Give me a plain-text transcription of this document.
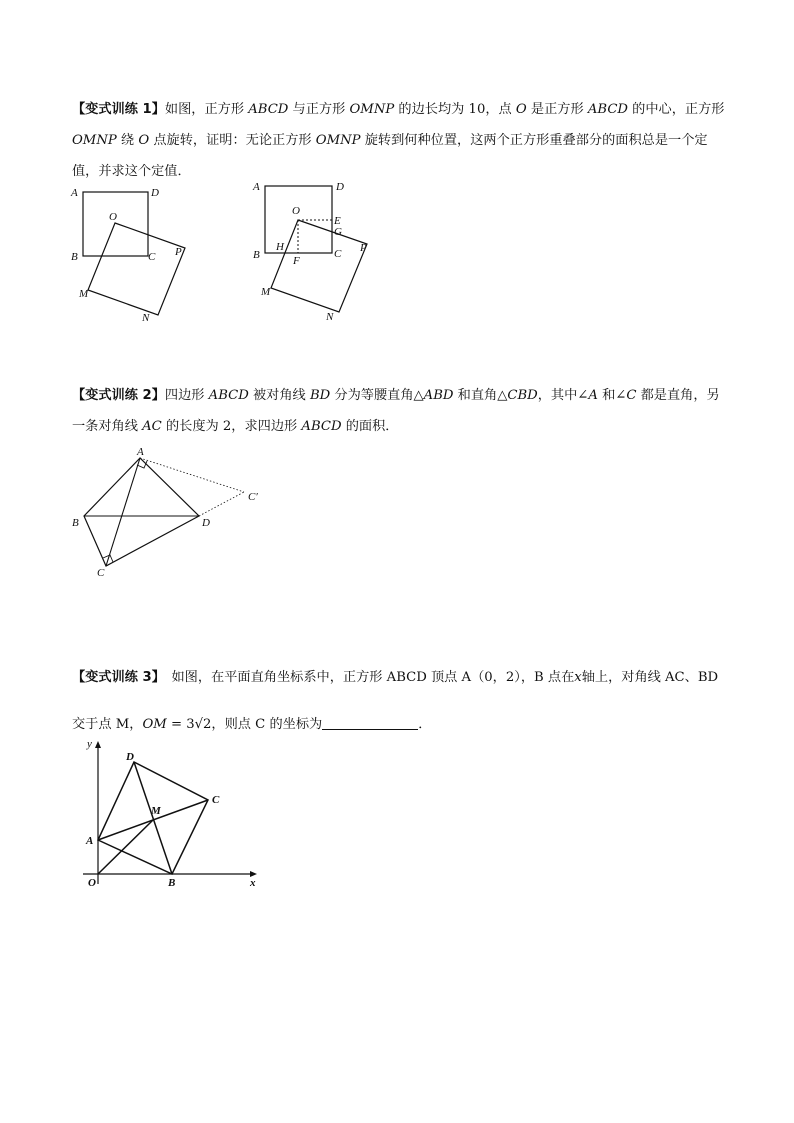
【变式训练 1】如图，正方形 ABCD 与正方形 OMNP 的边长均为 10，点 O 是正方形 ABCD 的中心，正方形OMNP 绕 O 点旋转，证明：无论正方形 OMNP 旋转到何种位置，这两个正方形重叠部分的面积总是一个定值，并求这个定值．

A	D
O
B	C P
M
N
A	D
O
E
G
H
B	F
C P
M
N

【变式训练 2】四边形 ABCD 被对角线 BD 分为等腰直角△ABD 和直角△CBD，其中∠A 和∠C 都是直角，另一条对角线 AC 的长度为 2，求四边形 ABCD 的面积．

A
C′
B	D
C

【变式训练 3】　如图，在平面直角坐标系中，正方形 ABCD 顶点 A（0，2），B 点在x轴上，对角线 AC、BD 交于点 M，OM = 3√2，则点 C 的坐标为	．

y
D
M
C
A
O	B	x
